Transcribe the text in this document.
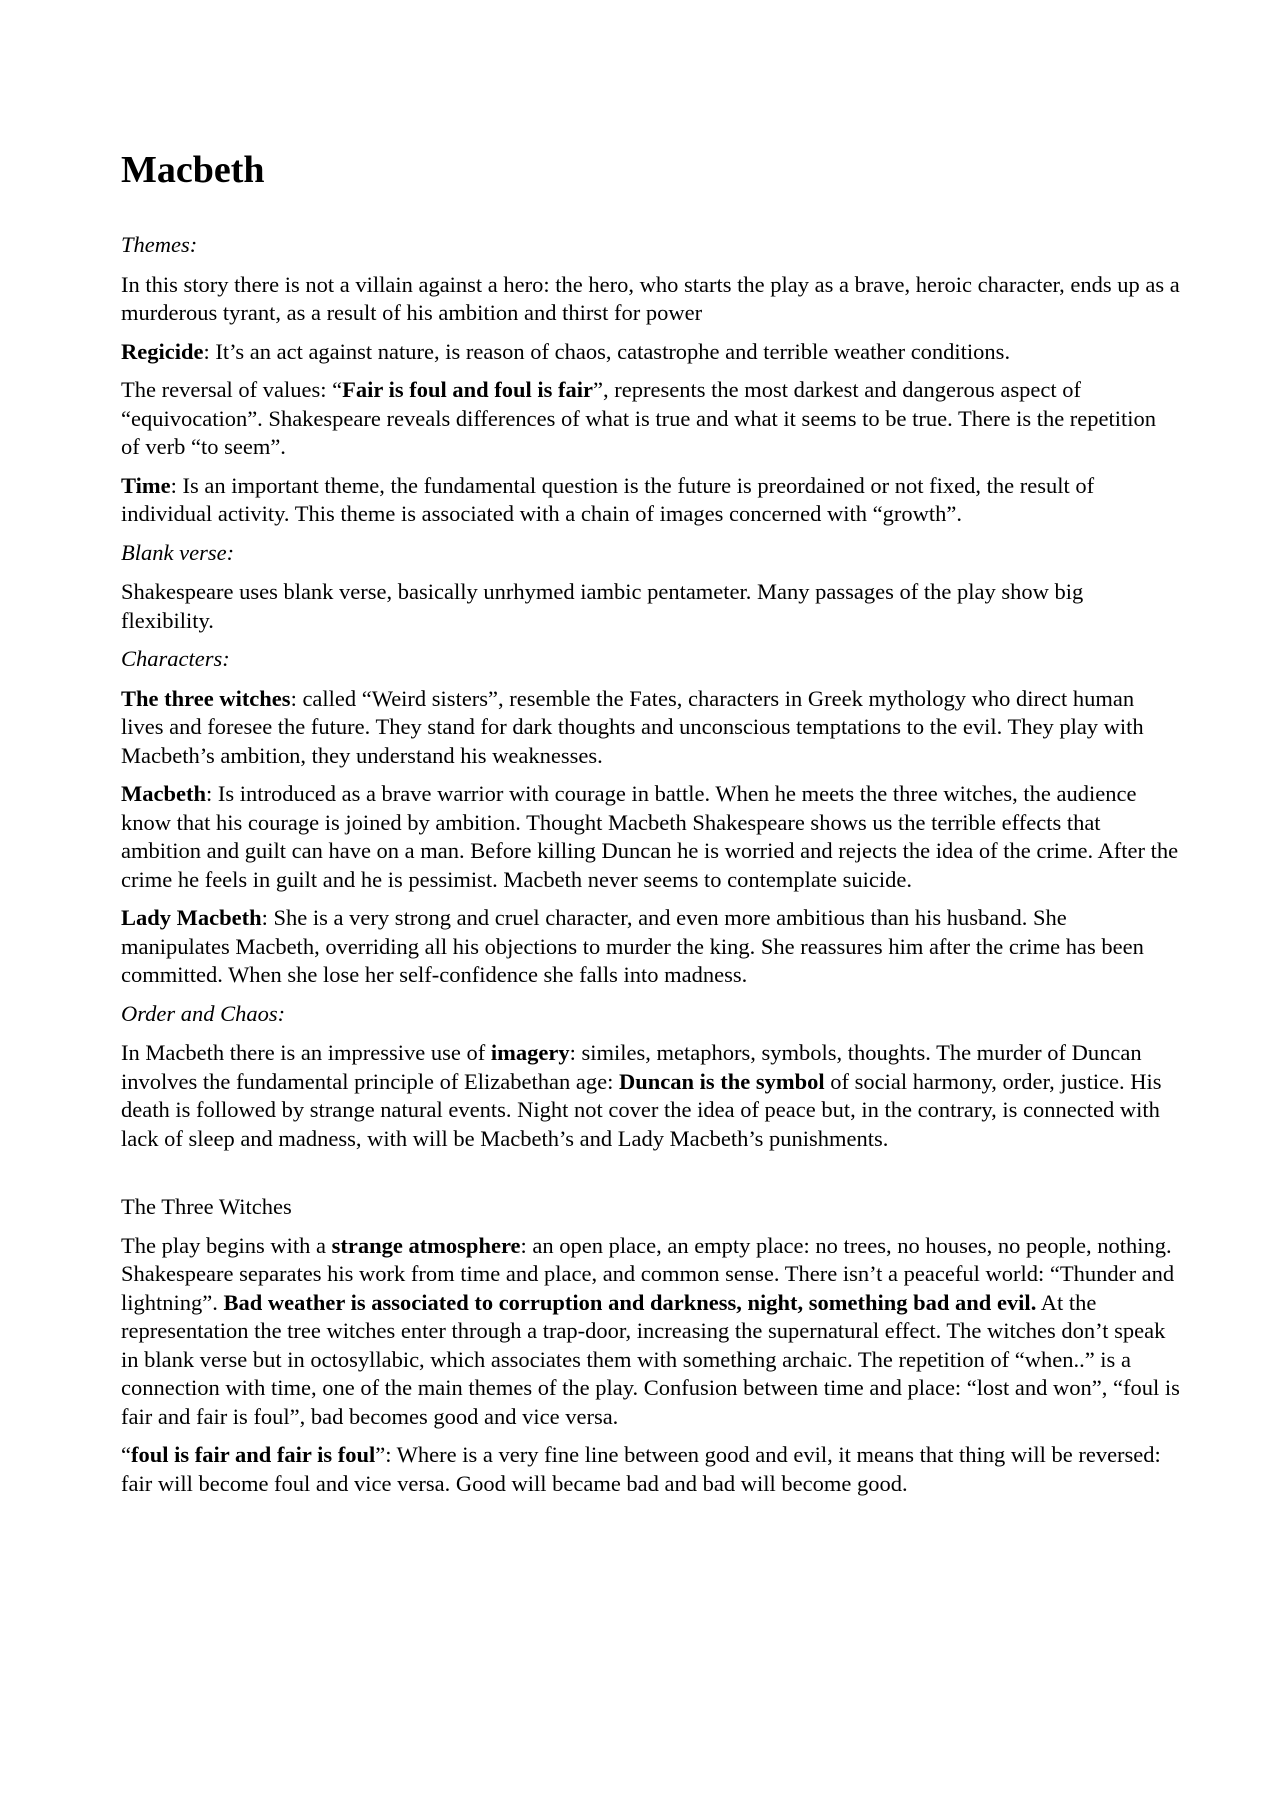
Macbeth

Themes:

In this story there is not a villain against a hero: the hero, who starts the play as a brave, heroic character, ends up as a murderous tyrant, as a result of his ambition and thirst for power

Regicide: It’s an act against nature, is reason of chaos, catastrophe and terrible weather conditions.

The reversal of values: “Fair is foul and foul is fair”, represents the most darkest and dangerous aspect of “equivocation”. Shakespeare reveals differences of what is true and what it seems to be true. There is the repetition of verb “to seem”.

Time: Is an important theme, the fundamental question is the future is preordained or not fixed, the result of individual activity. This theme is associated with a chain of images concerned with “growth”.

Blank verse:

Shakespeare uses blank verse, basically unrhymed iambic pentameter. Many passages of the play show big flexibility.

Characters:

The three witches: called “Weird sisters”, resemble the Fates, characters in Greek mythology who direct human lives and foresee the future. They stand for dark thoughts and unconscious temptations to the evil. They play with Macbeth’s ambition, they understand his weaknesses.

Macbeth: Is introduced as a brave warrior with courage in battle. When he meets the three witches, the audience know that his courage is joined by ambition. Thought Macbeth Shakespeare shows us the terrible effects that ambition and guilt can have on a man. Before killing Duncan he is worried and rejects the idea of the crime. After the crime he feels in guilt and he is pessimist. Macbeth never seems to contemplate suicide.

Lady Macbeth: She is a very strong and cruel character, and even more ambitious than his husband. She manipulates Macbeth, overriding all his objections to murder the king. She reassures him after the crime has been committed. When she lose her self-confidence she falls into madness.

Order and Chaos:

In Macbeth there is an impressive use of imagery: similes, metaphors, symbols, thoughts. The murder of Duncan involves the fundamental principle of Elizabethan age: Duncan is the symbol of social harmony, order, justice. His death is followed by strange natural events. Night not cover the idea of peace but, in the contrary, is connected with lack of sleep and madness, with will be Macbeth’s and Lady Macbeth’s punishments.

The Three Witches

The play begins with a strange atmosphere: an open place, an empty place: no trees, no houses, no people, nothing. Shakespeare separates his work from time and place, and common sense. There isn’t a peaceful world: “Thunder and lightning”. Bad weather is associated to corruption and darkness, night, something bad and evil. At the representation the tree witches enter through a trap-door, increasing the supernatural effect. The witches don’t speak in blank verse but in octosyllabic, which associates them with something archaic. The repetition of “when..” is a connection with time, one of the main themes of the play. Confusion between time and place: “lost and won”, “foul is fair and fair is foul”, bad becomes good and vice versa.

“foul is fair and fair is foul”: Where is a very fine line between good and evil, it means that thing will be reversed: fair will become foul and vice versa. Good will became bad and bad will become good.
